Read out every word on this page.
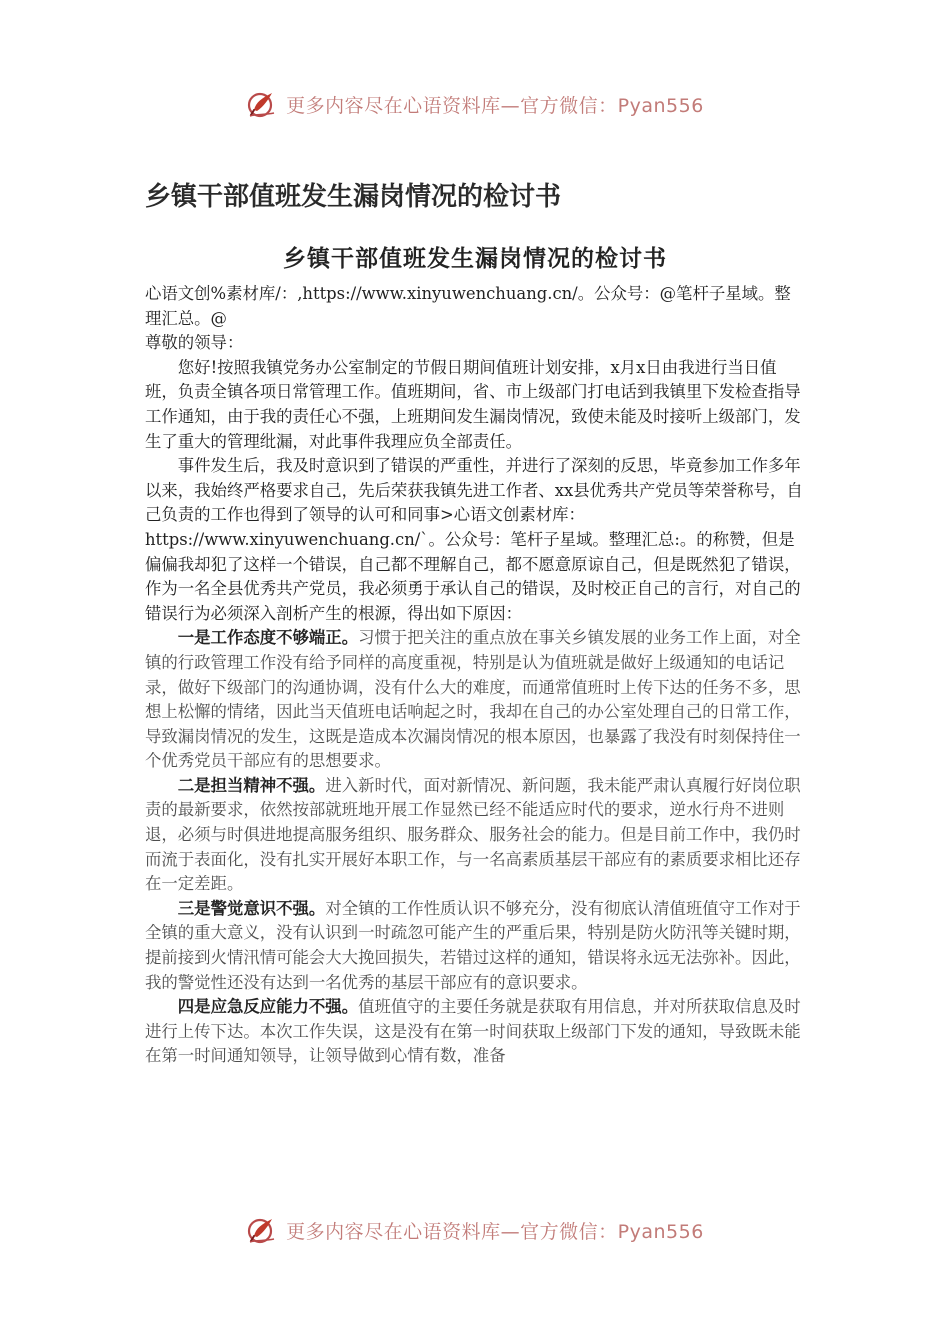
更多内容尽在心语资料库—官方微信：Pyan556
乡镇干部值班发生漏岗情况的检讨书
乡镇干部值班发生漏岗情况的检讨书

心语文创%素材库/：,https://www.xinyuwenchuang.cn/。公众号：@笔杆子星域。整理汇总。@

尊敬的领导：

您好!按照我镇党务办公室制定的节假日期间值班计划安排，x月x日由我进行当日值班，负责全镇各项日常管理工作。值班期间，省、市上级部门打电话到我镇里下发检查指导工作通知，由于我的责任心不强，上班期间发生漏岗情况，致使未能及时接听上级部门，发生了重大的管理纰漏，对此事件我理应负全部责任。

事件发生后，我及时意识到了错误的严重性，并进行了深刻的反思，毕竟参加工作多年以来，我始终严格要求自己，先后荣获我镇先进工作者、xx县优秀共产党员等荣誉称号，自己负责的工作也得到了领导的认可和同事>心语文创素材库：https://www.xinyuwenchuang.cn/`。公众号：笔杆子星域。整理汇总:。的称赞，但是偏偏我却犯了这样一个错误，自己都不理解自己，都不愿意原谅自己，但是既然犯了错误，作为一名全县优秀共产党员，我必须勇于承认自己的错误，及时校正自己的言行，对自己的错误行为必须深入剖析产生的根源，得出如下原因：

一是工作态度不够端正。习惯于把关注的重点放在事关乡镇发展的业务工作上面，对全镇的行政管理工作没有给予同样的高度重视，特别是认为值班就是做好上级通知的电话记录，做好下级部门的沟通协调，没有什么大的难度，而通常值班时上传下达的任务不多，思想上松懈的情绪，因此当天值班电话响起之时，我却在自己的办公室处理自己的日常工作，导致漏岗情况的发生，这既是造成本次漏岗情况的根本原因，也暴露了我没有时刻保持住一个优秀党员干部应有的思想要求。

二是担当精神不强。进入新时代，面对新情况、新问题，我未能严肃认真履行好岗位职责的最新要求，依然按部就班地开展工作显然已经不能适应时代的要求，逆水行舟不进则退，必须与时俱进地提高服务组织、服务群众、服务社会的能力。但是目前工作中，我仍时而流于表面化，没有扎实开展好本职工作，与一名高素质基层干部应有的素质要求相比还存在一定差距。

三是警觉意识不强。对全镇的工作性质认识不够充分，没有彻底认清值班值守工作对于全镇的重大意义，没有认识到一时疏忽可能产生的严重后果，特别是防火防汛等关键时期，提前接到火情汛情可能会大大挽回损失，若错过这样的通知，错误将永远无法弥补。因此，我的警觉性还没有达到一名优秀的基层干部应有的意识要求。

四是应急反应能力不强。值班值守的主要任务就是获取有用信息，并对所获取信息及时进行上传下达。本次工作失误，这是没有在第一时间获取上级部门下发的通知，导致既未能在第一时间通知领导，让领导做到心情有数，准备

更多内容尽在心语资料库—官方微信：Pyan556
